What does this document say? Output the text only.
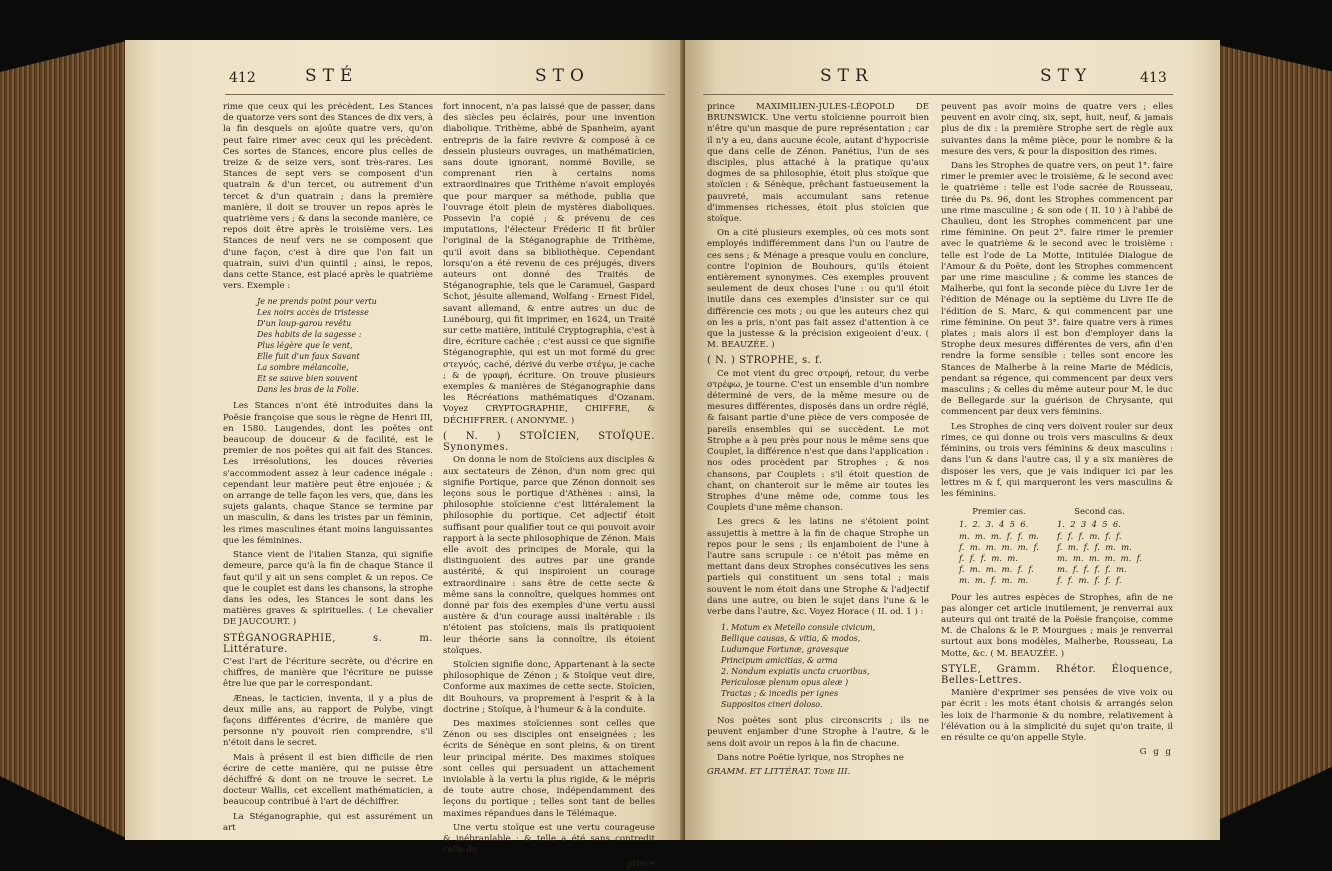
412	STÉ	STO

rime que ceux qui les précèdent. Les Stances de quatorze vers sont des Stances de dix vers, à la fin desquels on ajoûte quatre vers, qu'on peut faire rimer avec ceux qui les précèdent. Ces sortes de Stances, encore plus celles de treize & de seize vers, sont très-rares. Les Stances de sept vers se composent d'un quatrain & d'un tercet, ou autrement d'un tercet & d'un quatrain ; dans la première manière, il doit se trouver un repos après le quatrième vers ; & dans la seconde manière, ce repos doit être après le troisième vers. Les Stances de neuf vers ne se composent que d'une façon, c'est à dire que l'on fait un quatrain, suivi d'un quintil ; ainsi, le repos, dans cette Stance, est placé après le quatrième vers. Exemple :

Je ne prends point pour vertu
Les noirs accès de tristesse
D'un loup-garou revêtu
Des habits de la sagesse :
Plus légère que le vent,
Elle fuit d'un faux Savant
La sombre mélancolie,
Et se sauve bien souvent
Dans les bras de la Folie.

Les Stances n'ont été introduites dans la Poësie françoise que sous le règne de Henri III, en 1580. Laugendes, dont les poëtes ont beaucoup de douceur & de facilité, est le premier de nos poëtes qui ait fait des Stances. Les irrésolutions, les douces rêveries s'accommodent assez à leur cadence inégale : cependant leur matière peut être enjouée ; & on arrange de telle façon les vers, que, dans les sujets galants, chaque Stance se termine par un masculin, & dans les tristes par un féminin, les rimes masculines étant moins languissantes que les féminines.

Stance vient de l'italien Stanza, qui signifie demeure, parce qu'à la fin de chaque Stance il faut qu'il y ait un sens complet & un repos. Ce que le couplet est dans les chansons, la strophe dans les odes, les Stances le sont dans les matières graves & spirituelles. ( Le chevalier DE JAUCOURT. )

STÉGANOGRAPHIE, s. m. Littérature.

C'est l'art de l'écriture secrète, ou d'écrire en chiffres, de manière que l'écriture ne puisse être lue que par le correspondant.

Æneas, le tacticien, inventa, il y a plus de deux mille ans, au rapport de Polybe, vingt façons différentes d'écrire, de manière que personne n'y pouvoit rien comprendre, s'il n'étoit dans le secret.

Mais à présent il est bien difficile de rien écrire de cette manière, qui ne puisse être déchiffré & dont on ne trouve le secret. Le docteur Wallis, cet excellent mathématicien, a beaucoup contribué à l'art de déchiffrer.

La Stéganographie, qui est assurément un art

fort innocent, n'a pas laissé que de passer, dans des siècles peu éclairés, pour une invention diabolique. Trithème, abbé de Spanheim, ayant entrepris de la faire revivre & composé à ce dessein plusieurs ouvrages, un mathématicien, sans doute ignorant, nommé Boville, se comprenant rien à certains noms extraordinaires que Trithème n'avoit employés que pour marquer sa méthode, publia que l'ouvrage étoit plein de mystères diaboliques. Possevin l'a copié ; & prévenu de ces imputations, l'électeur Fréderic II fit brûler l'original de la Stéganographie de Trithème, qu'il avoit dans sa bibliothèque. Cependant lorsqu'on a été revenu de ces préjugés, divers auteurs ont donné des Traités de Stéganographie, tels que le Caramuel, Gaspard Schot, jésuite allemand, Wolfang - Ernest Fidel, savant allemand, & entre autres un duc de Lunébourg, qui fit imprimer, en 1624, un Traité sur cette matière, intitulé Cryptographia, c'est à dire, écriture cachée ; c'est aussi ce que signifie Stéganographie, qui est un mot formé du grec στεγνός, caché, dérivé du verbe στέγω, je cache ; & de γραφή, écriture. On trouve plusieurs exemples & manières de Stéganographie dans les Récréations mathématiques d'Ozanam. Voyez CRYPTOGRAPHIE, CHIFFRE, & DÉCHIFFRER. ( ANONYME. )

( N. ) STOÏCIEN, STOÏQUE. Synonymes.

On donna le nom de Stoïciens aux disciples & aux sectateurs de Zénon, d'un nom grec qui signifie Portique, parce que Zénon donnoit ses leçons sous le portique d'Athènes : ainsi, la philosophie stoïcienne c'est littéralement la philosophie du portique. Cet adjectif étoit suffisant pour qualifier tout ce qui pouvoit avoir rapport à la secte philosophique de Zénon. Mais elle avoit des principes de Morale, qui la distinguoient des autres par une grande austérité, & qui inspiroient un courage extraordinaire : sans être de cette secte & même sans la connoître, quelques hommes ont donné par fois des exemples d'une vertu aussi austère & d'un courage aussi inaltérable : ils n'étoient pas stoïciens, mais ils pratiquoient leur théorie sans la connoître, ils étoient stoïques.

Stoïcien signifie donc, Appartenant à la secte philosophique de Zénon ; & Stoïque veut dire, Conforme aux maximes de cette secte. Stoïcien, dit Bouhours, va proprement à l'esprit & à la doctrine ; Stoïque, à l'humeur & à la conduite.

Des maximes stoïciennes sont celles que Zénon ou ses disciples ont enseignées ; les écrits de Sénèque en sont pleins, & on tirent leur principal mérite. Des maximes stoïques sont celles qui persuadent un attachement inviolable à la vertu la plus rigide, & le mépris de toute autre chose, indépendamment des leçons du portique ; telles sont tant de belles maximes répandues dans le Télémaque.

Une vertu stoïque est une vertu courageuse & inébranlable ; & telle a été sans contredit celle du

prince
STR	STY	413

prince MAXIMILIEN-JULES-LÉOPOLD DE BRUNSWICK. Une vertu stoïcienne pourroit bien n'être qu'un masque de pure représentation ; car il n'y a eu, dans aucune école, autant d'hypocrisie que dans celle de Zénon. Panétius, l'un de ses disciples, plus attaché à la pratique qu'aux dogmes de sa philosophie, étoit plus stoïque que stoïcien : & Sénèque, prêchant fastueusement la pauvreté, mais accumulant sans retenue d'immenses richesses, étoit plus stoïcien que stoïque.

On a cité plusieurs exemples, où ces mots sont employés indifféremment dans l'un ou l'autre de ces sens ; & Ménage a presque voulu en conclure, contre l'opinion de Bouhours, qu'ils étoient entièrement synonymes. Ces exemples prouvent seulement de deux choses l'une : ou qu'il étoit inutile dans ces exemples d'insister sur ce qui différencie ces mots ; ou que les auteurs chez qui on les a pris, n'ont pas fait assez d'attention à ce que la justesse & la précision exigeoient d'eux. ( M. BEAUZÉE. )

( N. ) STROPHE, s. f.

Ce mot vient du grec στροφή, retour, du verbe στρέφω, je tourne. C'est un ensemble d'un nombre déterminé de vers, de la même mesure ou de mesures différentes, disposés dans un ordre réglé, & faisant partie d'une pièce de vers composée de pareils ensembles qui se succèdent. Le mot Strophe a à peu près pour nous le même sens que Couplet, la différence n'est que dans l'application : nos odes procèdent par Strophes ; & nos chansons, par Couplets : s'il étoit question de chant, on chanteroit sur le même air toutes les Strophes d'une même ode, comme tous les Couplets d'une même chanson.

Les grecs & les latins ne s'étoient point assujettis à mettre à la fin de chaque Strophe un repos pour le sens ; ils enjamboient de l'une à l'autre sans scrupule : ce n'étoit pas même en mettant dans deux Strophes consécutives les sens partiels qui constituent un sens total ; mais souvent le nom étoit dans une Strophe & l'adjectif dans une autre, ou bien le sujet dans l'une & le verbe dans l'autre, &c. Voyez Horace ( II. od. 1 ) :

1. Motum ex Metello consule civicum,
Bellique causas, & vitia, & modos,
Ludumque Fortunæ, gravesque
Principum amicitias, & arma
2. Nondum expiatis uncta cruoribus,
Periculosæ plenum opus aleæ )
Tractas ; & incedis per ignes
Suppositos cineri doloso.

Nos poëtes sont plus circonscrits ; ils ne peuvent enjamber d'une Strophe à l'autre, & le sens doit avoir un repos à la fin de chacune.

Dans notre Poëtie lyrique, nos Strophes ne

GRAMM. ET LITTÉRAT. Tome III.

peuvent pas avoir moins de quatre vers ; elles peuvent en avoir cinq, six, sept, huit, neuf, & jamais plus de dix : la première Strophe sert de règle aux suivantes dans la même pièce, pour le nombre & la mesure des vers, & pour la disposition des rimes.

Dans les Strophes de quatre vers, on peut 1°. faire rimer le premier avec le troisième, & le second avec le quatrième : telle est l'ode sacrée de Rousseau, tirée du Ps. 96, dont les Strophes commencent par une rime masculine ; & son ode ( II. 10 ) à l'abbé de Chaulieu, dont les Strophes commencent par une rime féminine. On peut 2°. faire rimer le premier avec le quatrième & le second avec le troisième : telle est l'ode de La Motte, intitulée Dialogue de l'Amour & du Poëte, dont les Strophes commencent par une rime masculine ; & comme les stances de Malherbe, qui font la seconde pièce du Livre 1er de l'édition de Ménage ou la septième du Livre IIe de l'édition de S. Marc, & qui commencent par une rime féminine. On peut 3°. faire quatre vers à rimes plates ; mais alors il est bon d'employer dans la Strophe deux mesures différentes de vers, afin d'en rendre la forme sensible : telles sont encore les Stances de Malherbe à la reine Marie de Médicis, pendant sa régence, qui commencent par deux vers masculins ; & celles du même auteur pour M. le duc de Bellegarde sur la guérison de Chrysante, qui commencent par deux vers féminins.

Les Strophes de cinq vers doivent rouler sur deux rimes, ce qui donne ou trois vers masculins & deux féminins, ou trois vers féminins & deux masculins : dans l'un & dans l'autre cas, il y a six manières de disposer les vers, que je vais indiquer ici par les lettres m & f, qui marqueront les vers masculins & les féminins.

Premier cas.
1.  2.  3.  4  5  6.
m.  m.  m.  f.  f.  m.
f.  m.  m.  m.  m.  f.
f.  f.  f.  m.  m.
f.  m.  m.  m.  f.  f.
m.  m.  f.  m.  m.
Second cas.
1.  2  3  4  5  6.
f.  f.  f.  m.  f.  f.
f.  m.  f.  f.  m.  m.
m.  m.  m.  m.  m.  f.
m.  f.  f.  f.  f.  m.
f.  f.  m.  f.  f.  f.

Pour les autres espèces de Strophes, afin de ne pas alonger cet article inutilement, je renverrai aux auteurs qui ont traité de la Poësie françoise, comme M. de Chalons & le P. Mourgues ; mais je renverrai surtout aux bons modèles, Malherbe, Rousseau, La Motte, &c. ( M. BEAUZÉE. )

STYLE, Gramm. Rhétor. Éloquence, Belles-Lettres.

Manière d'exprimer ses pensées de vive voix ou par écrit : les mots étant choisis & arrangés selon les loix de l'harmonie & du nombre, relativement à l'élévation ou à la simplicité du sujet qu'on traite, il en résulte ce qu'on appelle Style.

G g g
